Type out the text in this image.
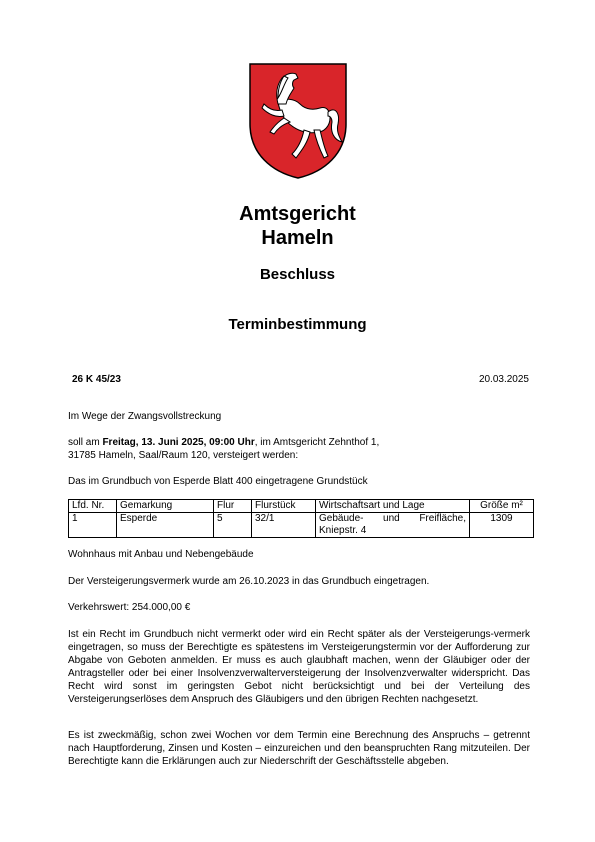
Amtsgericht
Hameln
Beschluss
Terminbestimmung
26 K 45/23	20.03.2025

Im Wege der Zwangsvollstreckung

soll am Freitag, 13. Juni 2025, 09:00 Uhr, im Amtsgericht Zehnthof 1,
31785 Hameln, Saal/Raum 120, versteigert werden:

Das im Grundbuch von Esperde Blatt 400 eingetragene Grundstück

Lfd. Nr.	Gemarkung	Flur	Flurstück	Wirtschaftsart und Lage	Größe m²
1	Esperde	5	32/1	Gebäude- und Freifläche, Kniepstr. 4	1309

Wohnhaus mit Anbau und Nebengebäude

Der Versteigerungsvermerk wurde am 26.10.2023 in das Grundbuch eingetragen.

Verkehrswert: 254.000,00 €

Ist ein Recht im Grundbuch nicht vermerkt oder wird ein Recht später als der Versteigerungs-vermerk eingetragen, so muss der Berechtigte es spätestens im Versteigerungstermin vor der Aufforderung zur Abgabe von Geboten anmelden. Er muss es auch glaubhaft machen, wenn der Gläubiger oder der Antragsteller oder bei einer Insolvenzverwalterversteigerung der Insolvenzverwalter widerspricht. Das Recht wird sonst im geringsten Gebot nicht berücksichtigt und bei der Verteilung des Versteigerungserlöses dem Anspruch des Gläubigers und den übrigen Rechten nachgesetzt.

Es ist zweckmäßig, schon zwei Wochen vor dem Termin eine Berechnung des Anspruchs – getrennt nach Hauptforderung, Zinsen und Kosten – einzureichen und den beanspruchten Rang mitzuteilen. Der Berechtigte kann die Erklärungen auch zur Niederschrift der Geschäftsstelle abgeben.
